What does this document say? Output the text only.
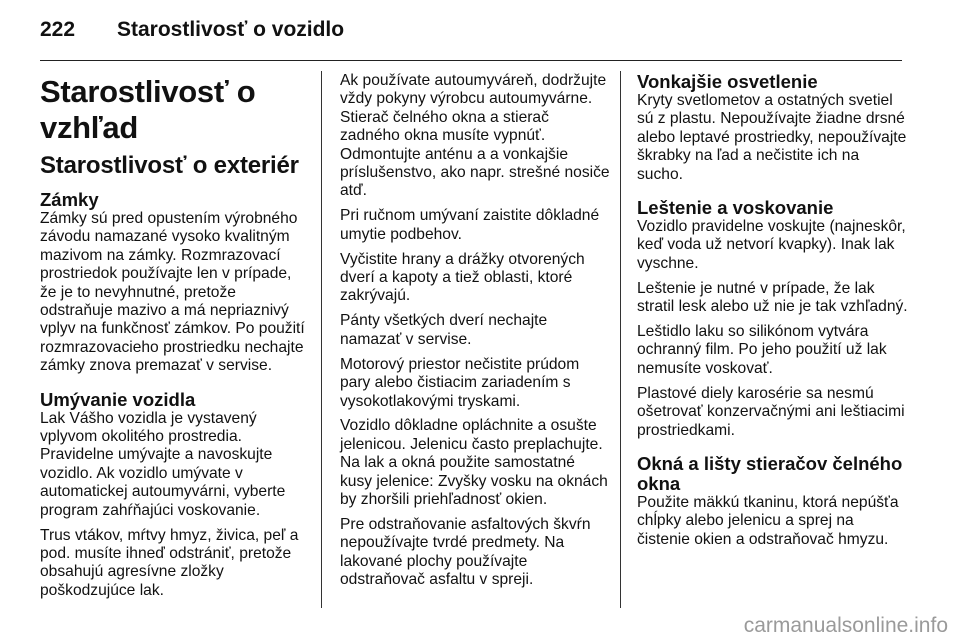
222	Starostlivosť o vozidlo
Starostlivosť o vzhľad
Starostlivosť o exteriér
Zámky

Zámky sú pred opustením výrobného závodu namazané vysoko kvalitným mazivom na zámky. Rozmrazovací prostriedok používajte len v prípade, že je to nevyhnutné, pretože odstraňuje mazivo a má nepriaznivý vplyv na funkčnosť zámkov. Po použití rozmrazovacieho prostriedku nechajte zámky znova premazať v servise.

Umývanie vozidla

Lak Vášho vozidla je vystavený vplyvom okolitého prostredia. Pravidelne umývajte a navoskujte vozidlo. Ak vozidlo umývate v automatickej autoumyvárni, vyberte program zahŕňajúci voskovanie.

Trus vtákov, mŕtvy hmyz, živica, peľ a pod. musíte ihneď odstrániť, pretože obsahujú agresívne zložky poškodzujúce lak.

Ak používate autoumyváreň, dodržujte vždy pokyny výrobcu autoumyvárne. Stierač čelného okna a stierač zadného okna musíte vypnúť. Odmontujte anténu a a vonkajšie príslušenstvo, ako napr. strešné nosiče atď.

Pri ručnom umývaní zaistite dôkladné umytie podbehov.

Vyčistite hrany a drážky otvorených dverí a kapoty a tiež oblasti, ktoré zakrývajú.

Pánty všetkých dverí nechajte namazať v servise.

Motorový priestor nečistite prúdom pary alebo čistiacim zariadením s vysokotlakovými tryskami.

Vozidlo dôkladne opláchnite a osušte jelenicou. Jelenicu často preplachujte. Na lak a okná použite samostatné kusy jelenice: Zvyšky vosku na oknách by zhoršili priehľadnosť okien.

Pre odstraňovanie asfaltových škvŕn nepoužívajte tvrdé predmety. Na lakované plochy používajte odstraňovač asfaltu v spreji.

Vonkajšie osvetlenie

Kryty svetlometov a ostatných svetiel sú z plastu. Nepoužívajte žiadne drsné alebo leptavé prostriedky, nepoužívajte škrabky na ľad a nečistite ich na sucho.

Leštenie a voskovanie

Vozidlo pravidelne voskujte (najneskôr, keď voda už netvorí kvapky). Inak lak vyschne.

Leštenie je nutné v prípade, že lak stratil lesk alebo už nie je tak vzhľadný.

Leštidlo laku so silikónom vytvára ochranný film. Po jeho použití už lak nemusíte voskovať.

Plastové diely karosérie sa nesmú ošetrovať konzervačnými ani leštiacimi prostriedkami.

Okná a lišty stieračov čelného okna

Použite mäkkú tkaninu, ktorá nepúšťa chĺpky alebo jelenicu a sprej na čistenie okien a odstraňovač hmyzu.

carmanualsonline.info
